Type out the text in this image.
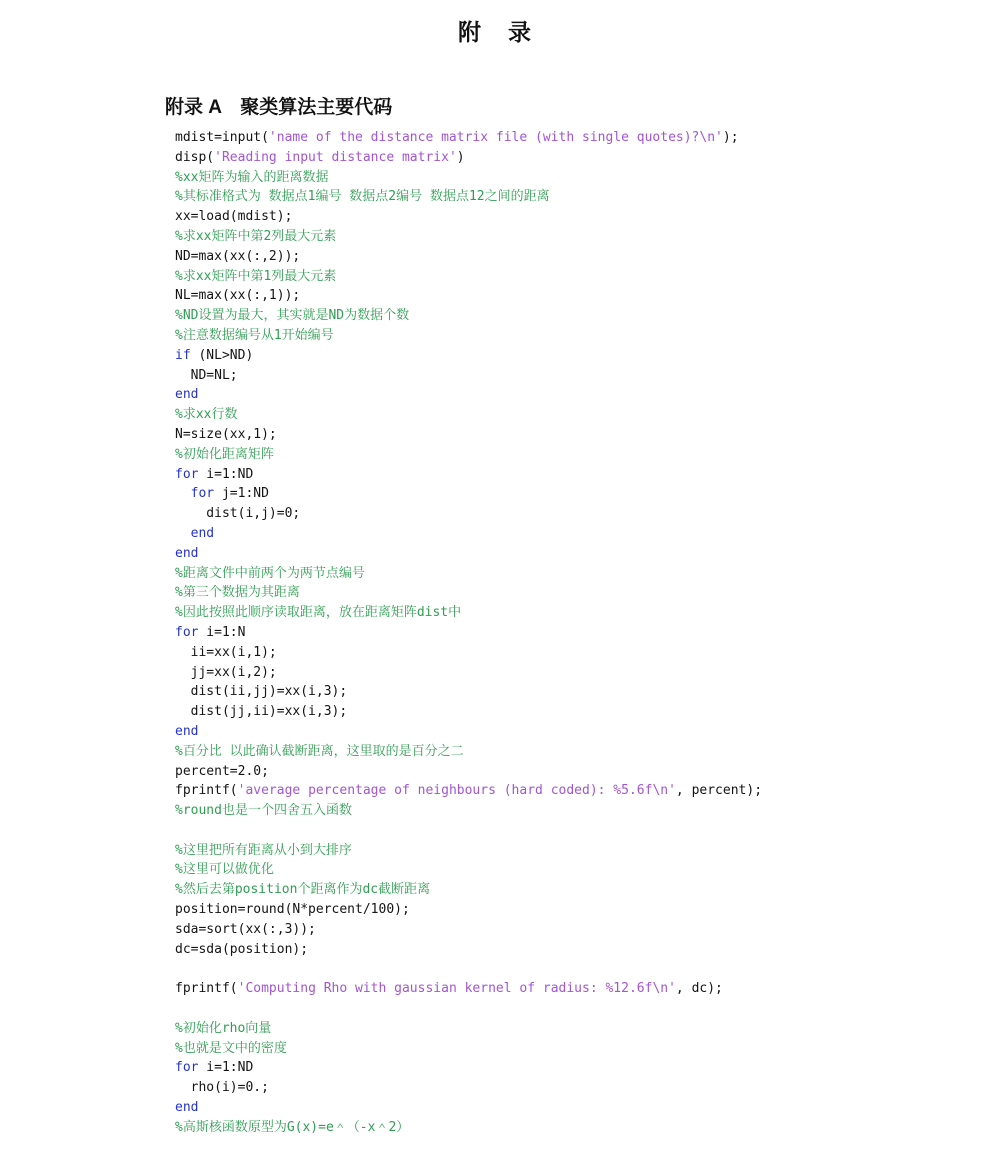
附　录
附录 A　聚类算法主要代码
mdist=input('name of the distance matrix file (with single quotes)?\n');
disp('Reading input distance matrix')
%xx矩阵为输入的距离数据
%其标准格式为 数据点1编号 数据点2编号 数据点12之间的距离
xx=load(mdist);
%求xx矩阵中第2列最大元素
ND=max(xx(:,2));
%求xx矩阵中第1列最大元素
NL=max(xx(:,1));
%ND设置为最大，其实就是ND为数据个数
%注意数据编号从1开始编号
if (NL>ND)
ND=NL;
end
%求xx行数
N=size(xx,1);
%初始化距离矩阵
for i=1:ND
for j=1:ND
dist(i,j)=0;
end
end
%距离文件中前两个为两节点编号
%第三个数据为其距离
%因此按照此顺序读取距离，放在距离矩阵dist中
for i=1:N
ii=xx(i,1);
jj=xx(i,2);
dist(ii,jj)=xx(i,3);
dist(jj,ii)=xx(i,3);
end
%百分比 以此确认截断距离，这里取的是百分之二
percent=2.0;
fprintf('average percentage of neighbours (hard coded): %5.6f\n', percent);
%round也是一个四舍五入函数

%这里把所有距离从小到大排序
%这里可以做优化
%然后去第position个距离作为dc截断距离
position=round(N*percent/100);
sda=sort(xx(:,3));
dc=sda(position);

fprintf('Computing Rho with gaussian kernel of radius: %12.6f\n', dc);

%初始化rho向量
%也就是文中的密度
for i=1:ND
rho(i)=0.;
end
%高斯核函数原型为G(x)=e＾（-x＾2）
